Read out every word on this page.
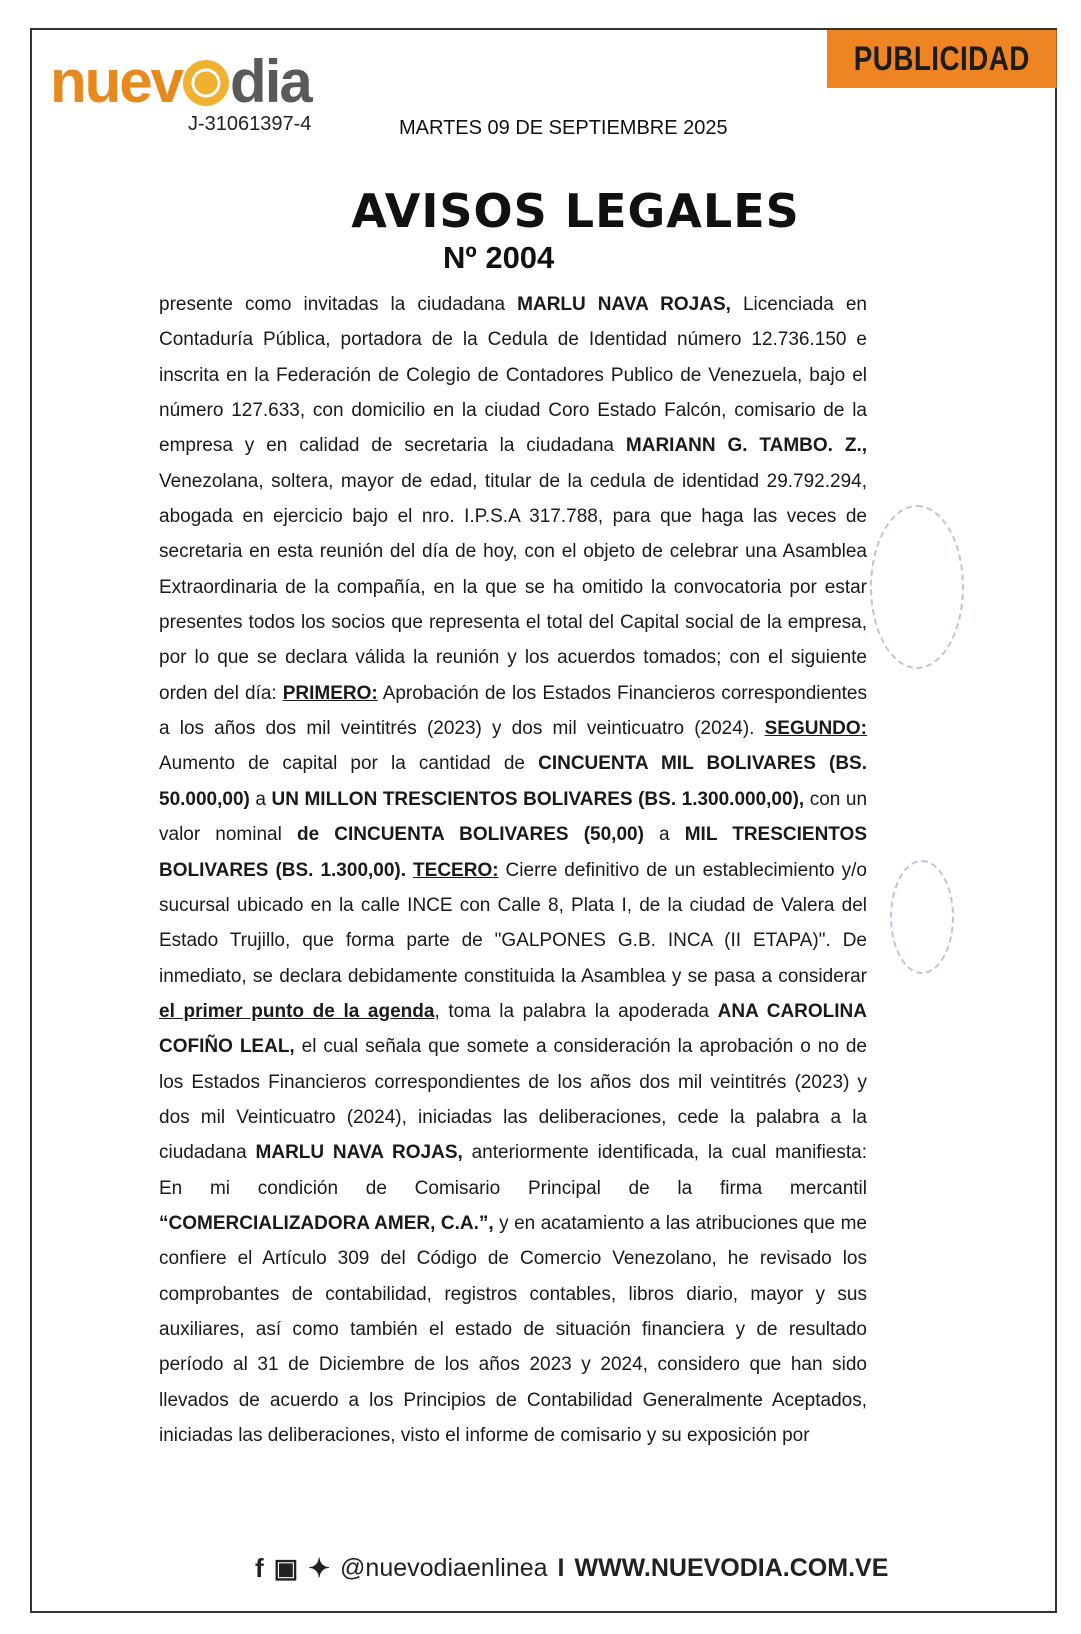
nuev dia
J-31061397-4	MARTES 09 DE SEPTIEMBRE 2025
PUBLICIDAD
AVISOS LEGALES
Nº 2004

presente como invitadas la ciudadana MARLU NAVA ROJAS, Licenciada en Contaduría Pública, portadora de la Cedula de Identidad número 12.736.150 e inscrita en la Federación de Colegio de Contadores Publico de Venezuela, bajo el número 127.633, con domicilio en la ciudad Coro Estado Falcón, comisario de la empresa y en calidad de secretaria la ciudadana MARIANN G. TAMBO. Z., Venezolana, soltera, mayor de edad, titular de la cedula de identidad 29.792.294, abogada en ejercicio bajo el nro. I.P.S.A 317.788, para que haga las veces de secretaria en esta reunión del día de hoy, con el objeto de celebrar una Asamblea Extraordinaria de la compañía, en la que se ha omitido la convocatoria por estar presentes todos los socios que representa el total del Capital social de la empresa, por lo que se declara válida la reunión y los acuerdos tomados; con el siguiente orden del día: PRIMERO: Aprobación de los Estados Financieros correspondientes a los años dos mil veintitrés (2023) y dos mil veinticuatro (2024). SEGUNDO: Aumento de capital por la cantidad de CINCUENTA MIL BOLIVARES (BS. 50.000,00) a UN MILLON TRESCIENTOS BOLIVARES (BS. 1.300.000,00), con un valor nominal de CINCUENTA BOLIVARES (50,00) a MIL TRESCIENTOS BOLIVARES (BS. 1.300,00). TECERO: Cierre definitivo de un establecimiento y/o sucursal ubicado en la calle INCE con Calle 8, Plata I, de la ciudad de Valera del Estado Trujillo, que forma parte de "GALPONES G.B. INCA (II ETAPA)". De inmediato, se declara debidamente constituida la Asamblea y se pasa a considerar el primer punto de la agenda, toma la palabra la apoderada ANA CAROLINA COFIÑO LEAL, el cual señala que somete a consideración la aprobación o no de los Estados Financieros correspondientes de los años dos mil veintitrés (2023) y dos mil Veinticuatro (2024), iniciadas las deliberaciones, cede la palabra a la ciudadana MARLU NAVA ROJAS, anteriormente identificada, la cual manifiesta: En mi condición de Comisario Principal de la firma mercantil “COMERCIALIZADORA AMER, C.A.”, y en acatamiento a las atribuciones que me confiere el Artículo 309 del Código de Comercio Venezolano, he revisado los comprobantes de contabilidad, registros contables, libros diario, mayor y sus auxiliares, así como también el estado de situación financiera y de resultado período al 31 de Diciembre de los años 2023 y 2024, considero que han sido llevados de acuerdo a los Principios de Contabilidad Generalmente Aceptados, iniciadas las deliberaciones, visto el informe de comisario y su exposición por

f ▣ ✦ @nuevodiaenlinea I WWW.NUEVODIA.COM.VE
